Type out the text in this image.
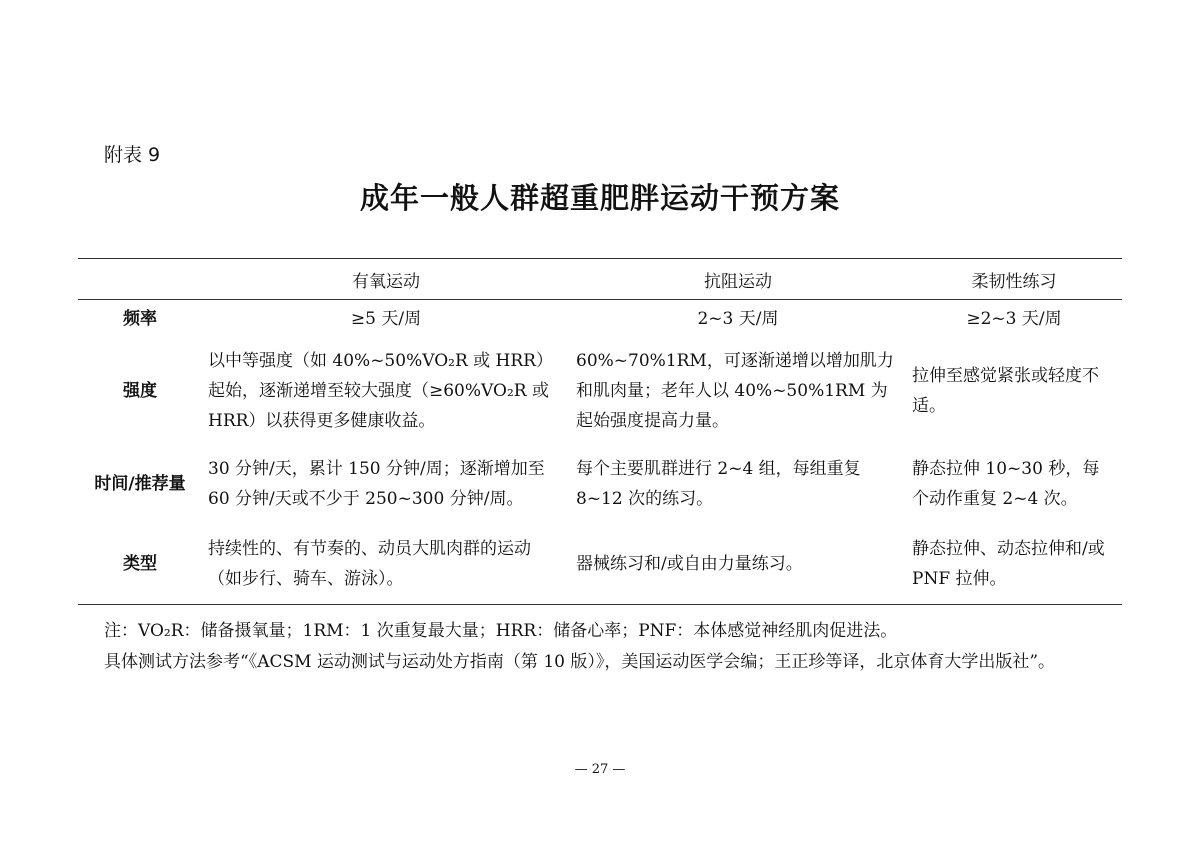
附表 9
成年一般人群超重肥胖运动干预方案
	有氧运动	抗阻运动	柔韧性练习
频率	≥5 天/周	2~3 天/周	≥2~3 天/周
强度	以中等强度（如 40%~50%VO₂R 或 HRR）起始，逐渐递增至较大强度（≥60%VO₂R 或 HRR）以获得更多健康收益。	60%~70%1RM，可逐渐递增以增加肌力和肌肉量；老年人以 40%~50%1RM 为起始强度提高力量。	拉伸至感觉紧张或轻度不适。
时间/推荐量	30 分钟/天，累计 150 分钟/周；逐渐增加至 60 分钟/天或不少于 250~300 分钟/周。	每个主要肌群进行 2~4 组，每组重复 8~12 次的练习。	静态拉伸 10~30 秒，每个动作重复 2~4 次。
类型	持续性的、有节奏的、动员大肌肉群的运动（如步行、骑车、游泳）。	器械练习和/或自由力量练习。	静态拉伸、动态拉伸和/或 PNF 拉伸。

注：VO₂R：储备摄氧量；1RM：1 次重复最大量；HRR：储备心率；PNF：本体感觉神经肌肉促进法。

具体测试方法参考“《ACSM 运动测试与运动处方指南（第 10 版）》，美国运动医学会编；王正珍等译，北京体育大学出版社”。

— 27 —
